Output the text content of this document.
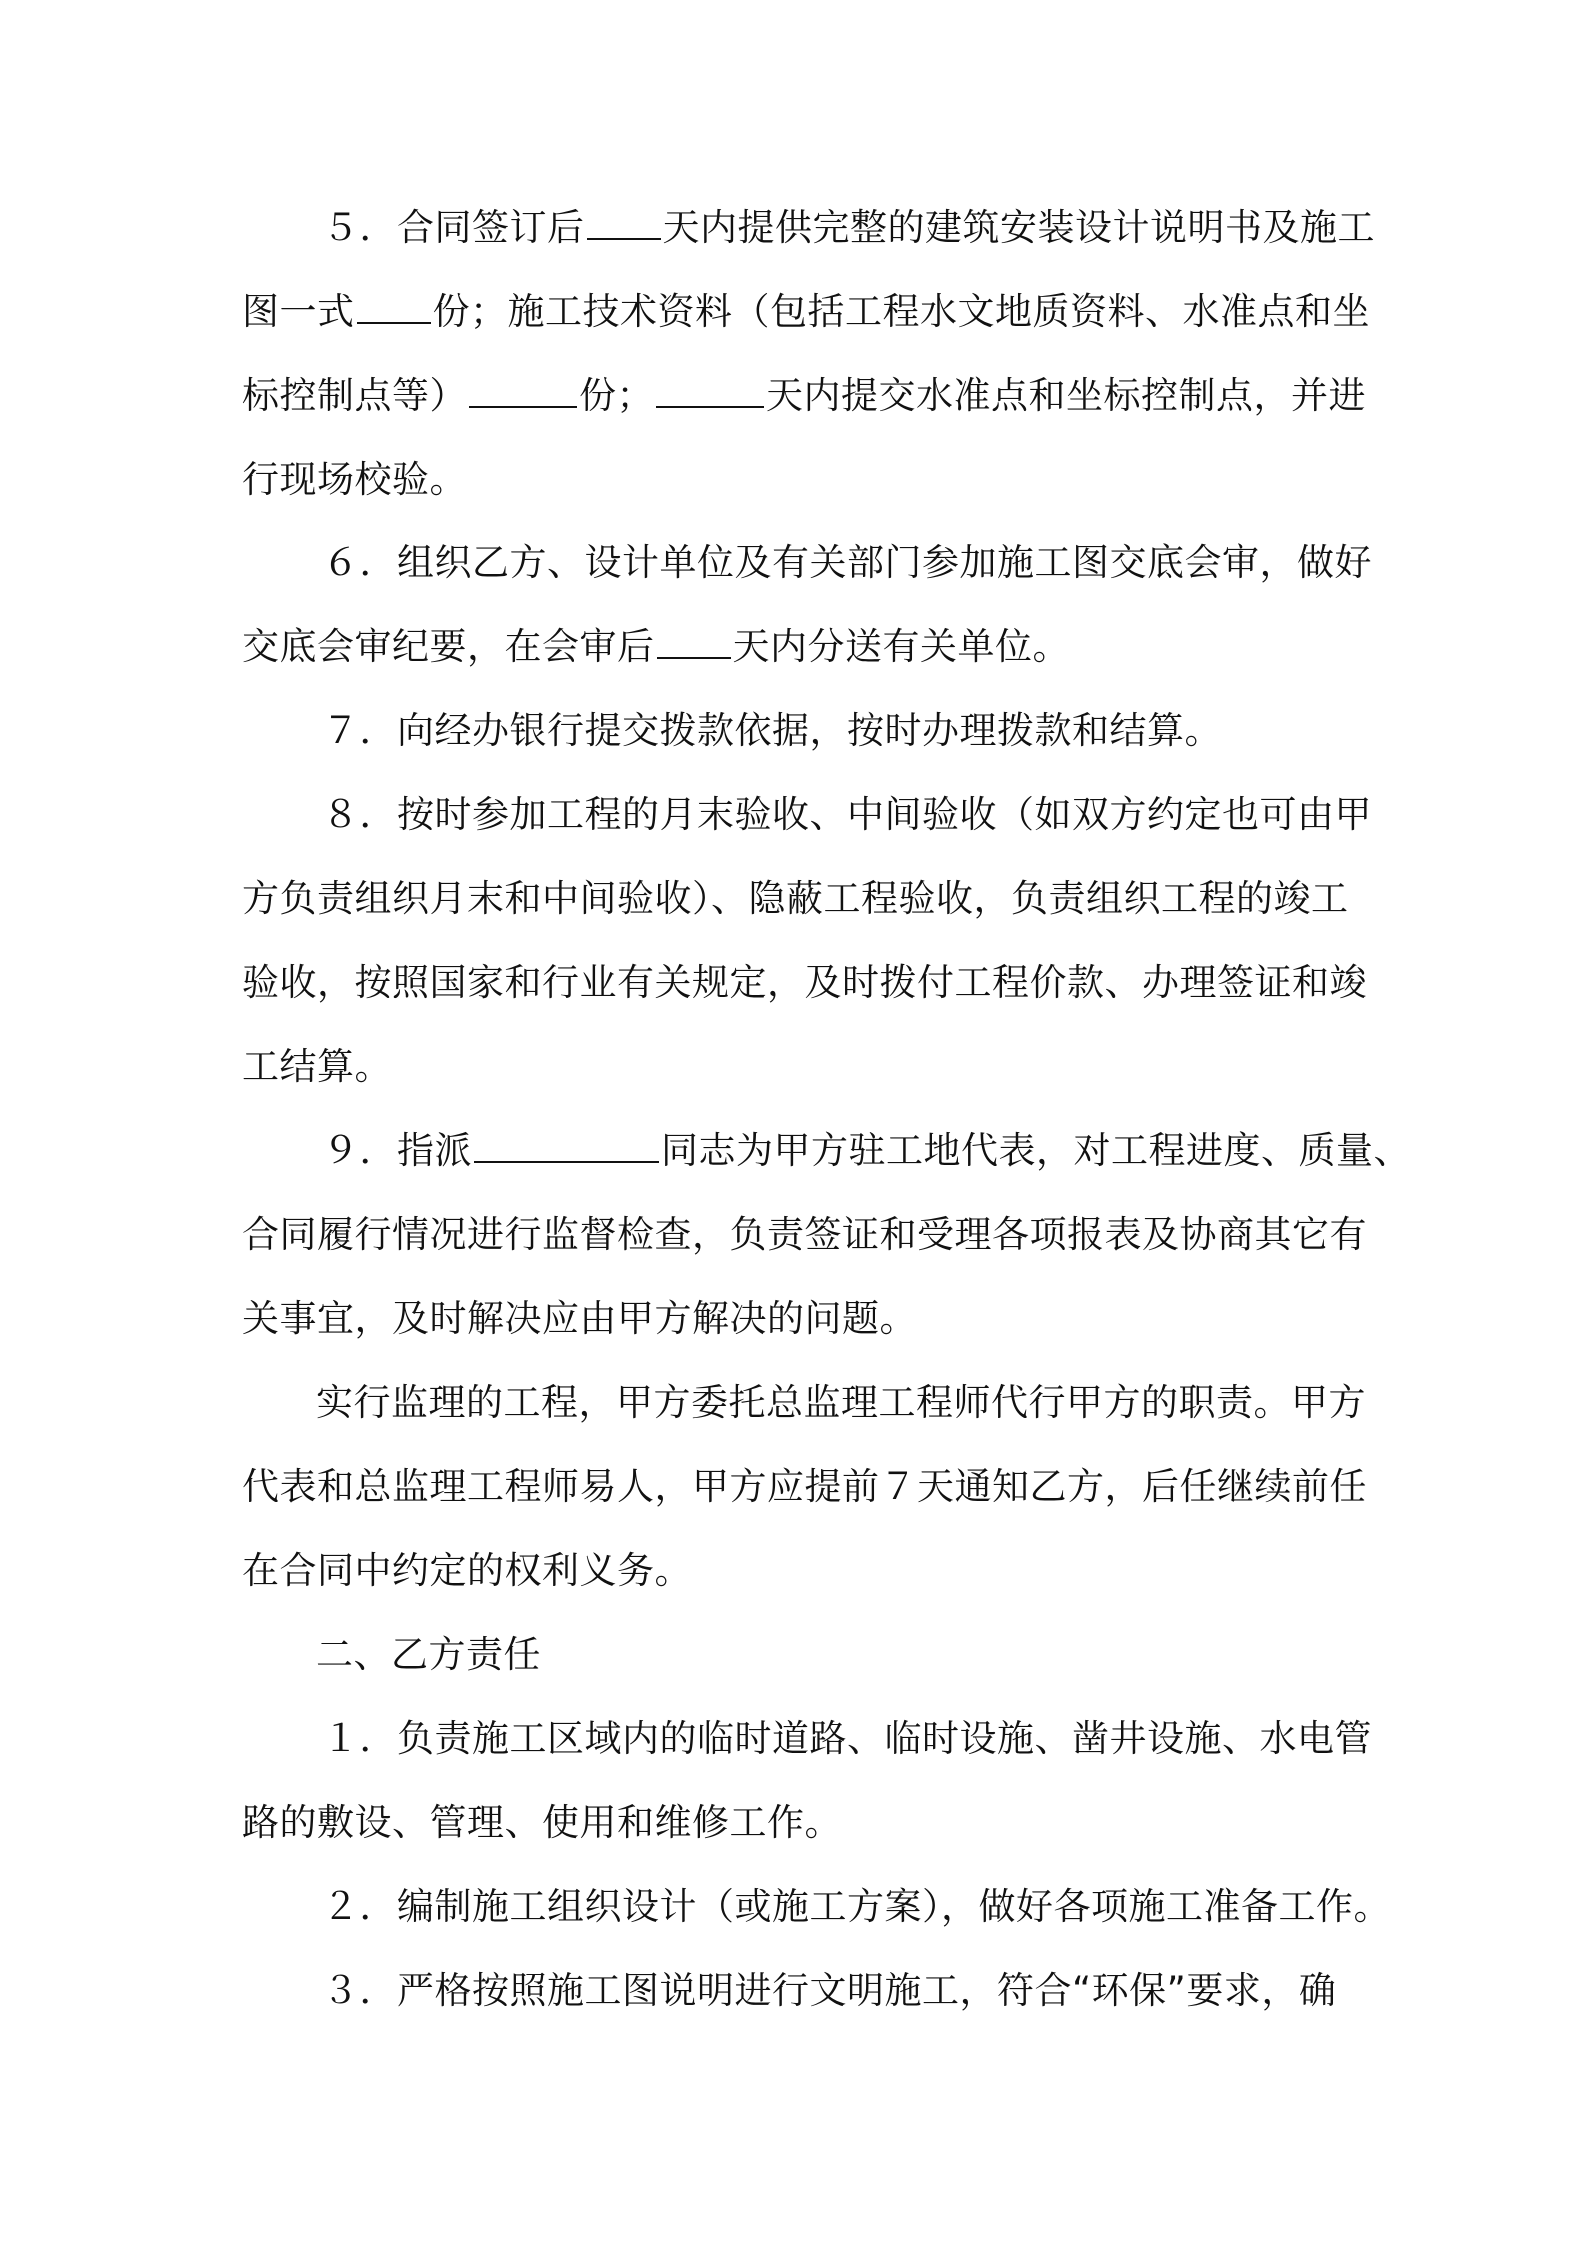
５．合同签订后 天内提供完整的建筑安装设计说明书及施工
图一式 份；施工技术资料（包括工程水文地质资料、水准点和坐
标控制点等）	份；	天内提交水准点和坐标控制点，并进
行现场校验。
６．组织乙方、设计单位及有关部门参加施工图交底会审，做好
交底会审纪要，在会审后 天内分送有关单位。
７．向经办银行提交拨款依据，按时办理拨款和结算。
８．按时参加工程的月末验收、中间验收（如双方约定也可由甲
方负责组织月末和中间验收）、隐蔽工程验收，负责组织工程的竣工
验收，按照国家和行业有关规定，及时拨付工程价款、办理签证和竣
工结算。
９．指派	同志为甲方驻工地代表，对工程进度、质量、
合同履行情况进行监督检查，负责签证和受理各项报表及协商其它有
关事宜，及时解决应由甲方解决的问题。
实行监理的工程，甲方委托总监理工程师代行甲方的职责。甲方
代表和总监理工程师易人，甲方应提前７天通知乙方，后任继续前任
在合同中约定的权利义务。
二、乙方责任
１．负责施工区域内的临时道路、临时设施、凿井设施、水电管
路的敷设、管理、使用和维修工作。
２．编制施工组织设计（或施工方案），做好各项施工准备工作。
３．严格按照施工图说明进行文明施工，符合“环保”要求，确
